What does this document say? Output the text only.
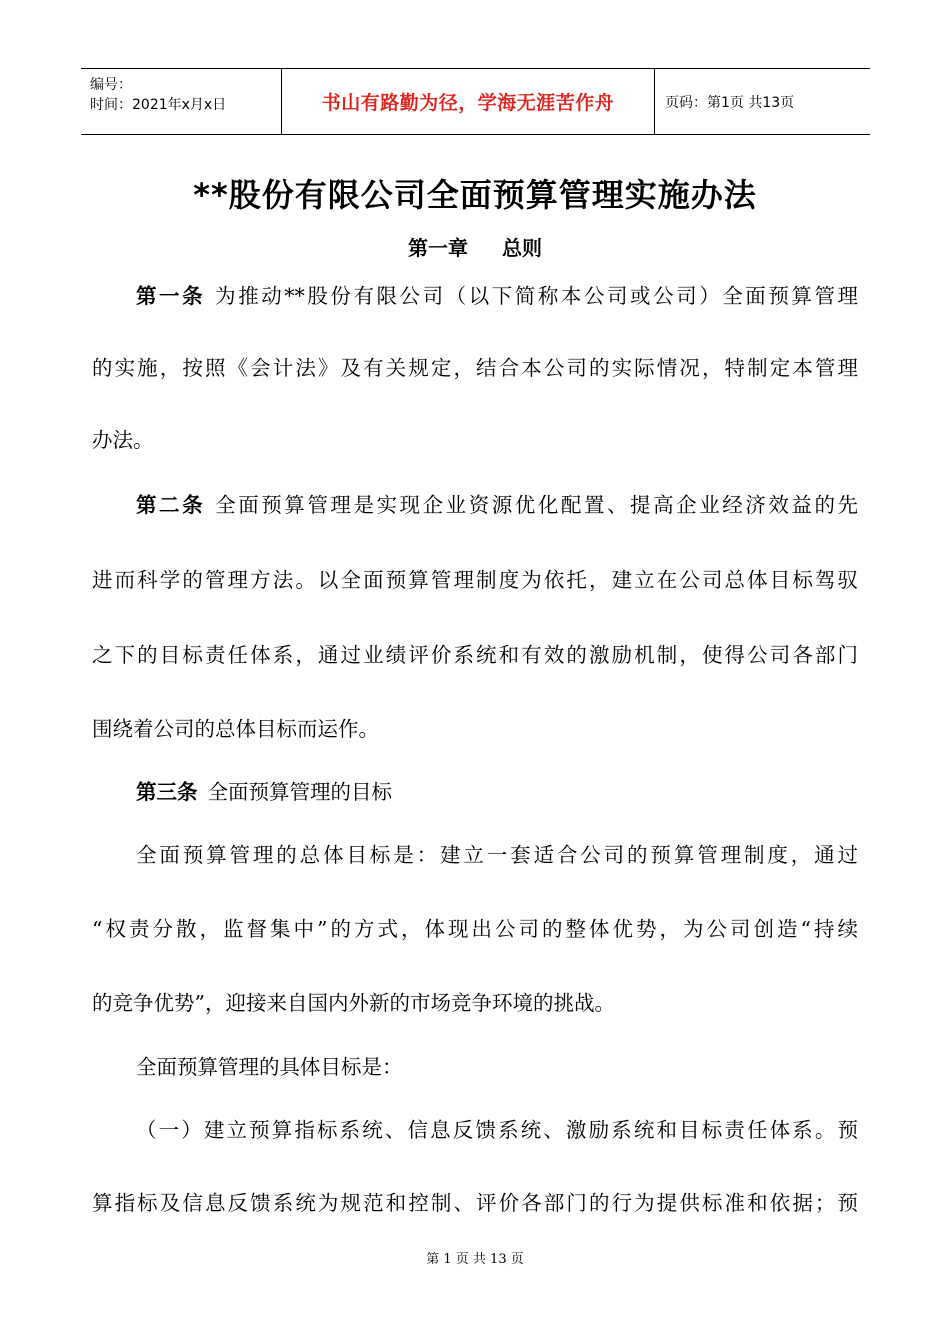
编号：
时间：2021年x月x日	书山有路勤为径，学海无涯苦作舟	页码：第1页 共13页
**股份有限公司全面预算管理实施办法
第一章 总则
第一条 为推动**股份有限公司（以下简称本公司或公司）全面预算管理
的实施，按照《会计法》及有关规定，结合本公司的实际情况，特制定本管理
办法。
第二条 全面预算管理是实现企业资源优化配置、提高企业经济效益的先
进而科学的管理方法。以全面预算管理制度为依托，建立在公司总体目标驾驭
之下的目标责任体系，通过业绩评价系统和有效的激励机制，使得公司各部门
围绕着公司的总体目标而运作。
第三条 全面预算管理的目标
全面预算管理的总体目标是：建立一套适合公司的预算管理制度，通过
“权责分散，监督集中”的方式，体现出公司的整体优势，为公司创造“持续
的竞争优势”，迎接来自国内外新的市场竞争环境的挑战。
全面预算管理的具体目标是：
（一）建立预算指标系统、信息反馈系统、激励系统和目标责任体系。预
算指标及信息反馈系统为规范和控制、评价各部门的行为提供标准和依据；预
第 1 页 共 13 页
